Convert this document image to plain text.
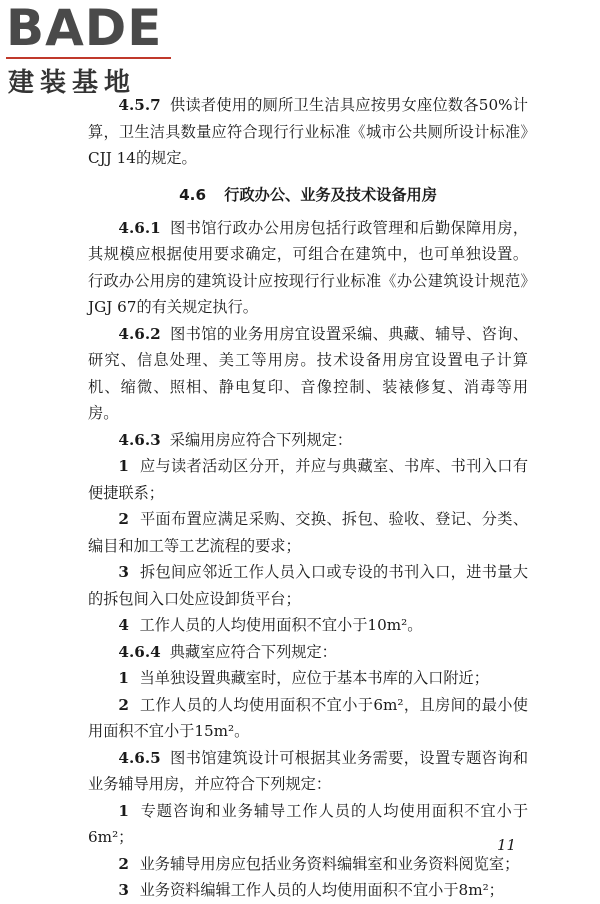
BADE
建装基地

4.5.7 供读者使用的厕所卫生洁具应按男女座位数各50%计算，卫生洁具数量应符合现行行业标准《城市公共厕所设计标准》CJJ 14的规定。

4.6 行政办公、业务及技术设备用房

4.6.1 图书馆行政办公用房包括行政管理和后勤保障用房，其规模应根据使用要求确定，可组合在建筑中，也可单独设置。行政办公用房的建筑设计应按现行行业标准《办公建筑设计规范》JGJ 67的有关规定执行。

4.6.2 图书馆的业务用房宜设置采编、典藏、辅导、咨询、研究、信息处理、美工等用房。技术设备用房宜设置电子计算机、缩微、照相、静电复印、音像控制、装裱修复、消毒等用房。

4.6.3 采编用房应符合下列规定：

1 应与读者活动区分开，并应与典藏室、书库、书刊入口有便捷联系；

2 平面布置应满足采购、交换、拆包、验收、登记、分类、编目和加工等工艺流程的要求；

3 拆包间应邻近工作人员入口或专设的书刊入口，进书量大的拆包间入口处应设卸货平台；

4 工作人员的人均使用面积不宜小于10m²。

4.6.4 典藏室应符合下列规定：

1 当单独设置典藏室时，应位于基本书库的入口附近；

2 工作人员的人均使用面积不宜小于6m²，且房间的最小使用面积不宜小于15m²。

4.6.5 图书馆建筑设计可根据其业务需要，设置专题咨询和业务辅导用房，并应符合下列规定：

1 专题咨询和业务辅导工作人员的人均使用面积不宜小于6m²；

2 业务辅导用房应包括业务资料编辑室和业务资料阅览室；

3 业务资料编辑工作人员的人均使用面积不宜小于8m²；

11
